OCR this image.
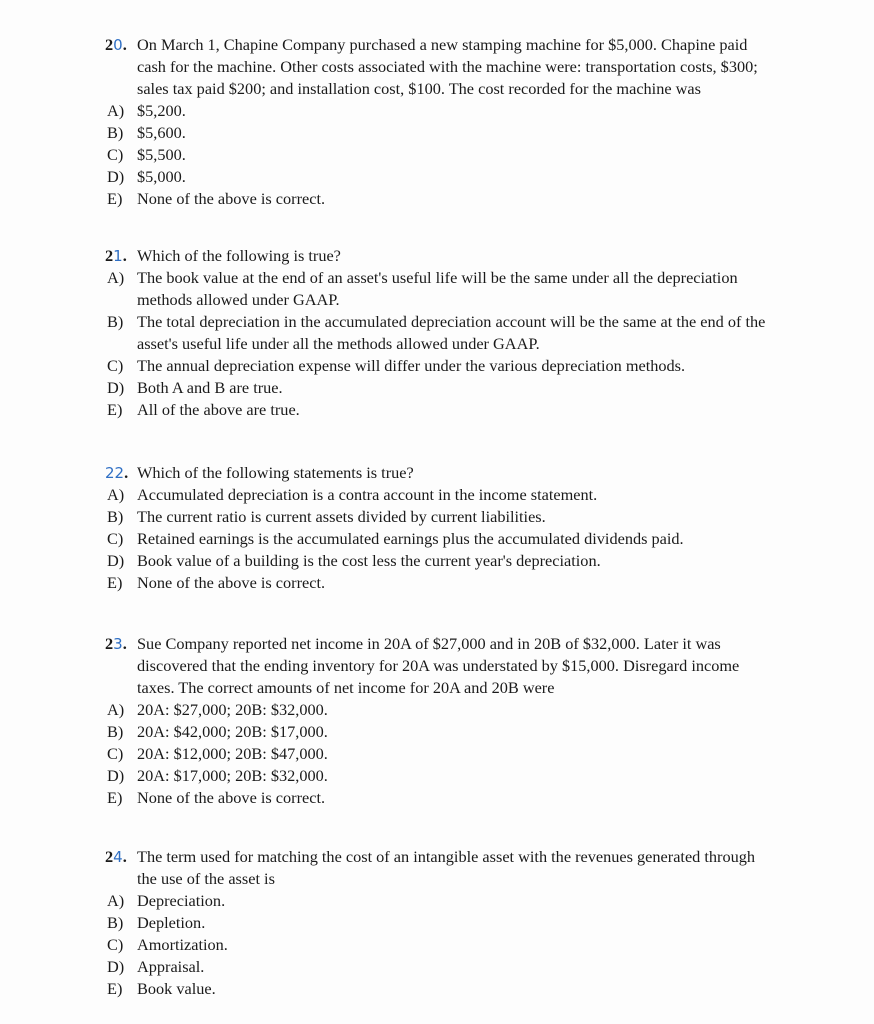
20. On March 1, Chapine Company purchased a new stamping machine for $5,000. Chapine paid
cash for the machine. Other costs associated with the machine were: transportation costs, $300;
sales tax paid $200; and installation cost, $100. The cost recorded for the machine was
A) $5,200.
B) $5,600.
C) $5,500.
D) $5,000.
E) None of the above is correct.
21. Which of the following is true?
A) The book value at the end of an asset's useful life will be the same under all the depreciation
methods allowed under GAAP.
B) The total depreciation in the accumulated depreciation account will be the same at the end of the
asset's useful life under all the methods allowed under GAAP.
C) The annual depreciation expense will differ under the various depreciation methods.
D) Both A and B are true.
E) All of the above are true.
22. Which of the following statements is true?
A) Accumulated depreciation is a contra account in the income statement.
B) The current ratio is current assets divided by current liabilities.
C) Retained earnings is the accumulated earnings plus the accumulated dividends paid.
D) Book value of a building is the cost less the current year's depreciation.
E) None of the above is correct.
23. Sue Company reported net income in 20A of $27,000 and in 20B of $32,000. Later it was
discovered that the ending inventory for 20A was understated by $15,000. Disregard income
taxes. The correct amounts of net income for 20A and 20B were
A) 20A: $27,000; 20B: $32,000.
B) 20A: $42,000; 20B: $17,000.
C) 20A: $12,000; 20B: $47,000.
D) 20A: $17,000; 20B: $32,000.
E) None of the above is correct.
24. The term used for matching the cost of an intangible asset with the revenues generated through
the use of the asset is
A) Depreciation.
B) Depletion.
C) Amortization.
D) Appraisal.
E) Book value.
